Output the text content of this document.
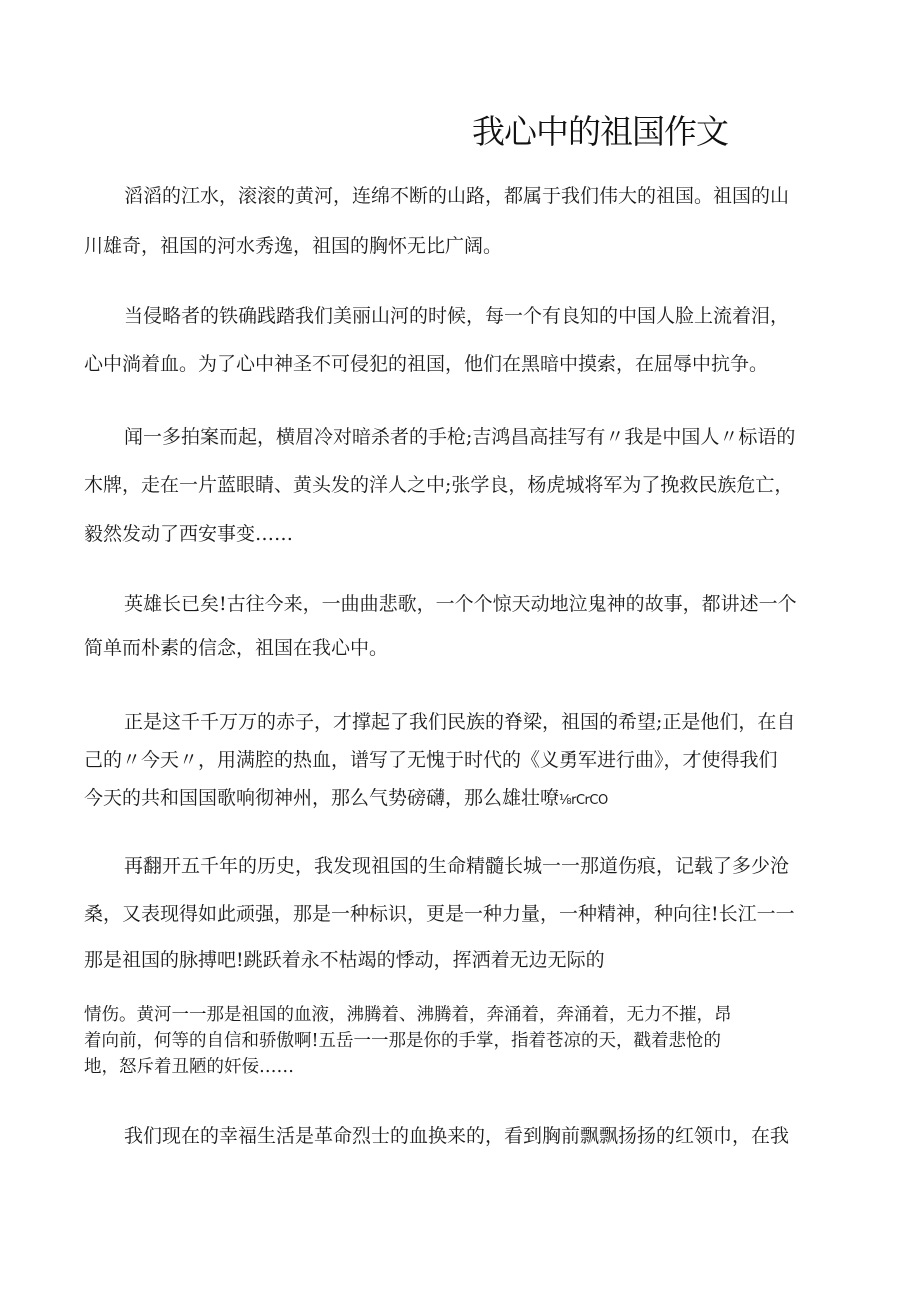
我心中的祖国作文
滔滔的江水，滚滚的黄河，连绵不断的山路，都属于我们伟大的祖国。祖国的山
川雄奇，祖国的河水秀逸，祖国的胸怀无比广阔。
当侵略者的铁确践踏我们美丽山河的时候，每一个有良知的中国人脸上流着泪，
心中淌着血。为了心中神圣不可侵犯的祖国，他们在黑暗中摸索，在屈辱中抗争。
闻一多拍案而起，横眉冷对暗杀者的手枪;吉鸿昌高挂写有〃我是中国人〃标语的
木牌，走在一片蓝眼睛、黄头发的洋人之中;张学良，杨虎城将军为了挽救民族危亡，
毅然发动了西安事变……
英雄长已矣!古往今来，一曲曲悲歌，一个个惊天动地泣鬼神的故事，都讲述一个
简单而朴素的信念，祖国在我心中。
正是这千千万万的赤子，才撑起了我们民族的脊梁，祖国的希望;正是他们，在自
己的〃今天〃，用满腔的热血，谱写了无愧于时代的《义勇军进行曲》，才使得我们
今天的共和国国歌响彻神州，那么气势磅礴，那么雄壮嘹⅛rCrCO
再翻开五千年的历史，我发现祖国的生命精髓长城一一那道伤痕，记载了多少沧
桑，又表现得如此顽强，那是一种标识，更是一种力量，一种精神，种向往!长江一一
那是祖国的脉搏吧!跳跃着永不枯竭的悸动，挥洒着无边无际的
情伤。黄河一一那是祖国的血液，沸腾着、沸腾着，奔涌着，奔涌着，无力不摧，昂
着向前，何等的自信和骄傲啊!五岳一一那是你的手掌，指着苍凉的天，戳着悲怆的
地，怒斥着丑陋的奸佞……
我们现在的幸福生活是革命烈士的血换来的，看到胸前飘飘扬扬的红领巾，在我
